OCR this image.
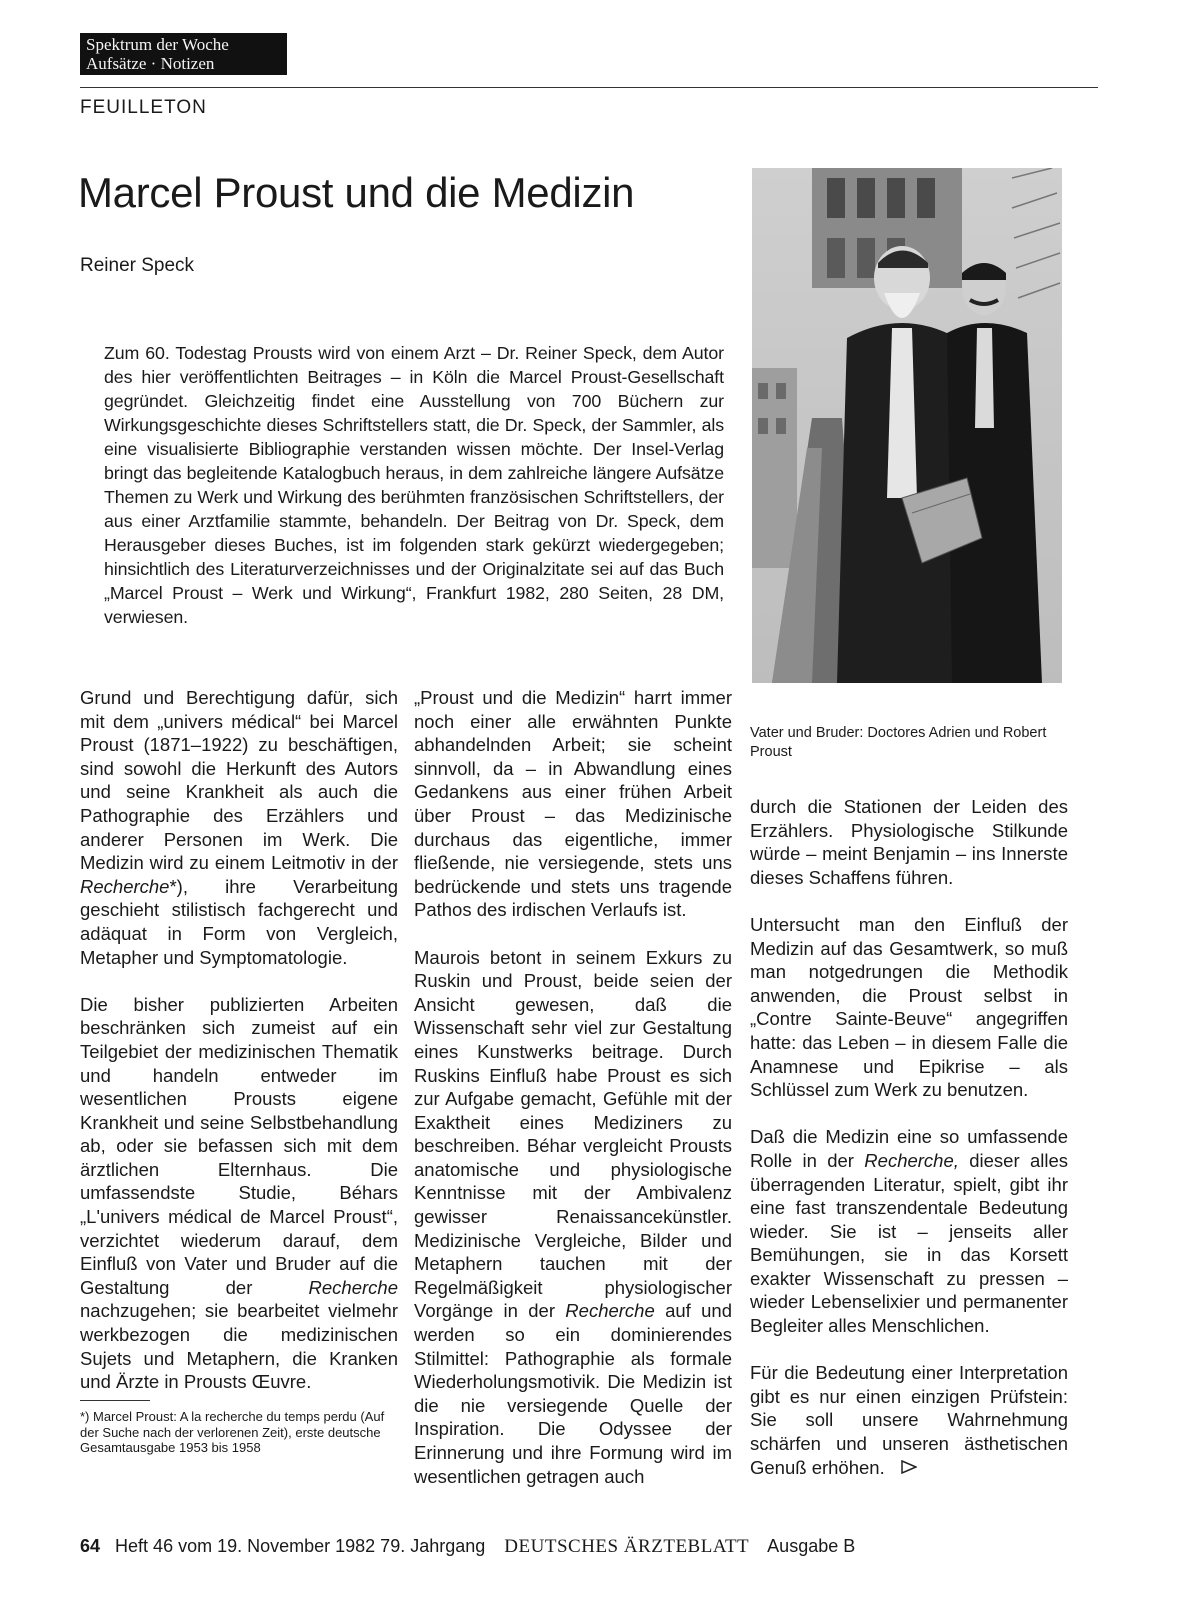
Spektrum der Woche
Aufsätze · Notizen
FEUILLETON
Marcel Proust und die Medizin
Reiner Speck
Zum 60. Todestag Prousts wird von einem Arzt – Dr. Reiner Speck, dem Autor des hier veröffentlichten Beitrages – in Köln die Marcel Proust-Gesellschaft gegründet. Gleichzeitig findet eine Ausstellung von 700 Büchern zur Wirkungsgeschichte dieses Schriftstellers statt, die Dr. Speck, der Sammler, als eine visualisierte Bibliographie verstanden wissen möchte. Der Insel-Verlag bringt das begleitende Katalogbuch heraus, in dem zahlreiche längere Aufsätze Themen zu Werk und Wirkung des berühmten französischen Schriftstellers, der aus einer Arztfamilie stammte, behandeln. Der Beitrag von Dr. Speck, dem Herausgeber dieses Buches, ist im folgenden stark gekürzt wiedergegeben; hinsichtlich des Literaturverzeichnisses und der Originalzitate sei auf das Buch „Marcel Proust – Werk und Wirkung“, Frankfurt 1982, 280 Seiten, 28 DM, verwiesen.
Vater und Bruder: Doctores Adrien und Robert Proust

Grund und Berechtigung dafür, sich mit dem „univers médical“ bei Marcel Proust (1871–1922) zu beschäftigen, sind sowohl die Herkunft des Autors und seine Krankheit als auch die Pathographie des Erzählers und anderer Personen im Werk. Die Medizin wird zu einem Leitmotiv in der Recherche*), ihre Verarbeitung geschieht stilistisch fachgerecht und adäquat in Form von Vergleich, Metapher und Symptomatologie.

Die bisher publizierten Arbeiten beschränken sich zumeist auf ein Teilgebiet der medizinischen Thematik und handeln entweder im wesentlichen Prousts eigene Krankheit und seine Selbstbehandlung ab, oder sie befassen sich mit dem ärztlichen Elternhaus. Die umfassendste Studie, Béhars „L'univers médical de Marcel Proust“, verzichtet wiederum darauf, dem Einfluß von Vater und Bruder auf die Gestaltung der Recherche nachzugehen; sie bearbeitet vielmehr werkbezogen die medizinischen Sujets und Metaphern, die Kranken und Ärzte in Prousts Œuvre.

*) Marcel Proust: A la recherche du temps perdu (Auf der Suche nach der verlorenen Zeit), erste deutsche Gesamtausgabe 1953 bis 1958

„Proust und die Medizin“ harrt immer noch einer alle erwähnten Punkte abhandelnden Arbeit; sie scheint sinnvoll, da – in Abwandlung eines Gedankens aus einer frühen Arbeit über Proust – das Medizinische durchaus das eigentliche, immer fließende, nie versiegende, stets uns bedrückende und stets uns tragende Pathos des irdischen Verlaufs ist.

Maurois betont in seinem Exkurs zu Ruskin und Proust, beide seien der Ansicht gewesen, daß die Wissenschaft sehr viel zur Gestaltung eines Kunstwerks beitrage. Durch Ruskins Einfluß habe Proust es sich zur Aufgabe gemacht, Gefühle mit der Exaktheit eines Mediziners zu beschreiben. Béhar vergleicht Prousts anatomische und physiologische Kenntnisse mit der Ambivalenz gewisser Renaissancekünstler. Medizinische Vergleiche, Bilder und Metaphern tauchen mit der Regelmäßigkeit physiologischer Vorgänge in der Recherche auf und werden so ein dominierendes Stilmittel: Pathographie als formale Wiederholungsmotivik. Die Medizin ist die nie versiegende Quelle der Inspiration. Die Odyssee der Erinnerung und ihre Formung wird im wesentlichen getragen auch

durch die Stationen der Leiden des Erzählers. Physiologische Stilkunde würde – meint Benjamin – ins Innerste dieses Schaffens führen.

Untersucht man den Einfluß der Medizin auf das Gesamtwerk, so muß man notgedrungen die Methodik anwenden, die Proust selbst in „Contre Sainte-Beuve“ angegriffen hatte: das Leben – in diesem Falle die Anamnese und Epikrise – als Schlüssel zum Werk zu benutzen.

Daß die Medizin eine so umfassende Rolle in der Recherche, dieser alles überragenden Literatur, spielt, gibt ihr eine fast transzendentale Bedeutung wieder. Sie ist – jenseits aller Bemühungen, sie in das Korsett exakter Wissenschaft zu pressen – wieder Lebenselixier und permanenter Begleiter alles Menschlichen.

Für die Bedeutung einer Interpretation gibt es nur einen einzigen Prüfstein: Sie soll unsere Wahrnehmung schärfen und unseren ästhetischen Genuß erhöhen.

64 Heft 46 vom 19. November 1982 79. Jahrgang DEUTSCHES ÄRZTEBLATT Ausgabe B
